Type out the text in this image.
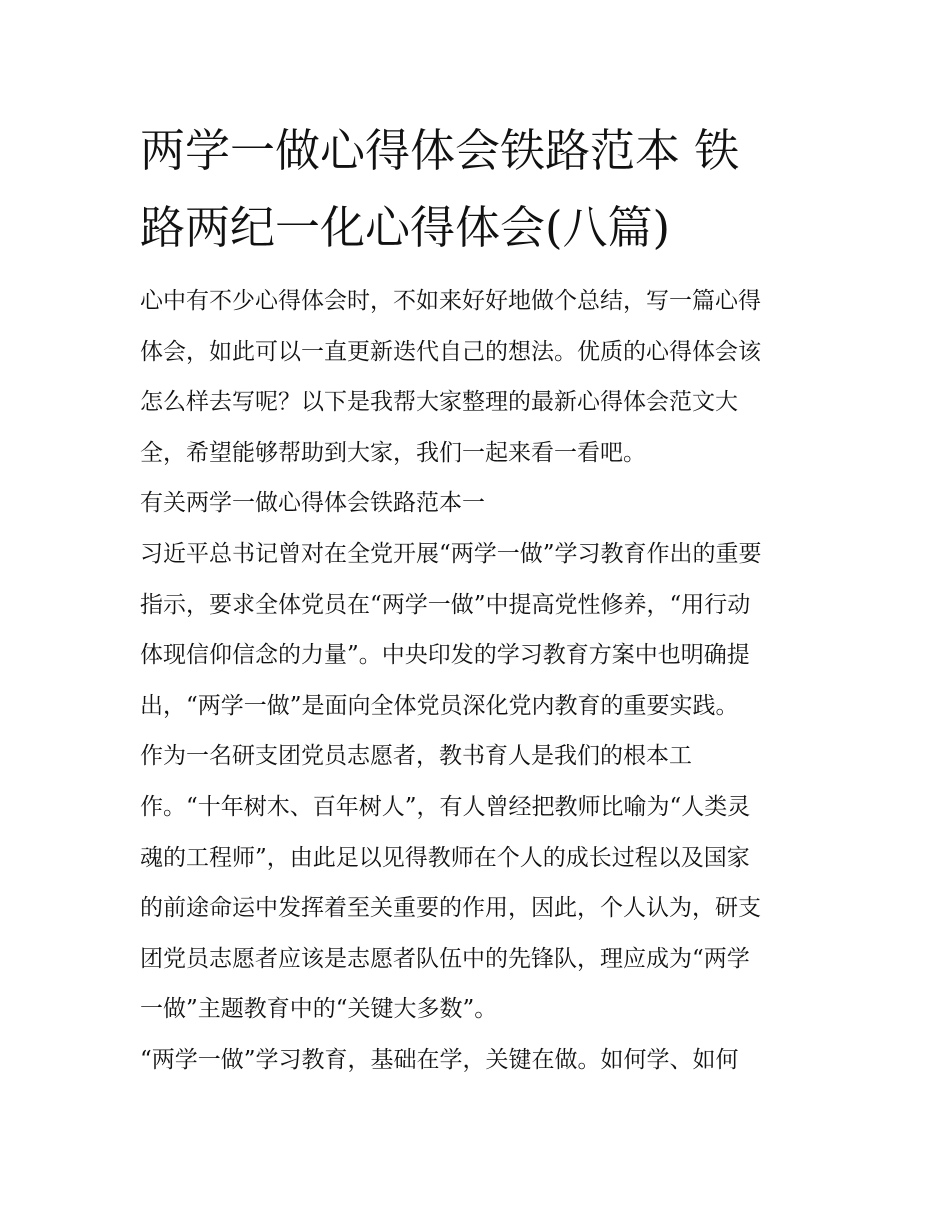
两学一做心得体会铁路范本 铁
路两纪一化心得体会(八篇)

心中有不少心得体会时，不如来好好地做个总结，写一篇心得

体会，如此可以一直更新迭代自己的想法。优质的心得体会该

怎么样去写呢？以下是我帮大家整理的最新心得体会范文大

全，希望能够帮助到大家，我们一起来看一看吧。

有关两学一做心得体会铁路范本一

习近平总书记曾对在全党开展“两学一做”学习教育作出的重要

指示，要求全体党员在“两学一做”中提高党性修养，“用行动

体现信仰信念的力量”。中央印发的学习教育方案中也明确提

出，“两学一做”是面向全体党员深化党内教育的重要实践。

作为一名研支团党员志愿者，教书育人是我们的根本工

作。“十年树木、百年树人”，有人曾经把教师比喻为“人类灵

魂的工程师”，由此足以见得教师在个人的成长过程以及国家

的前途命运中发挥着至关重要的作用，因此，个人认为，研支

团党员志愿者应该是志愿者队伍中的先锋队，理应成为“两学

一做”主题教育中的“关键大多数”。

“两学一做”学习教育，基础在学，关键在做。如何学、如何
